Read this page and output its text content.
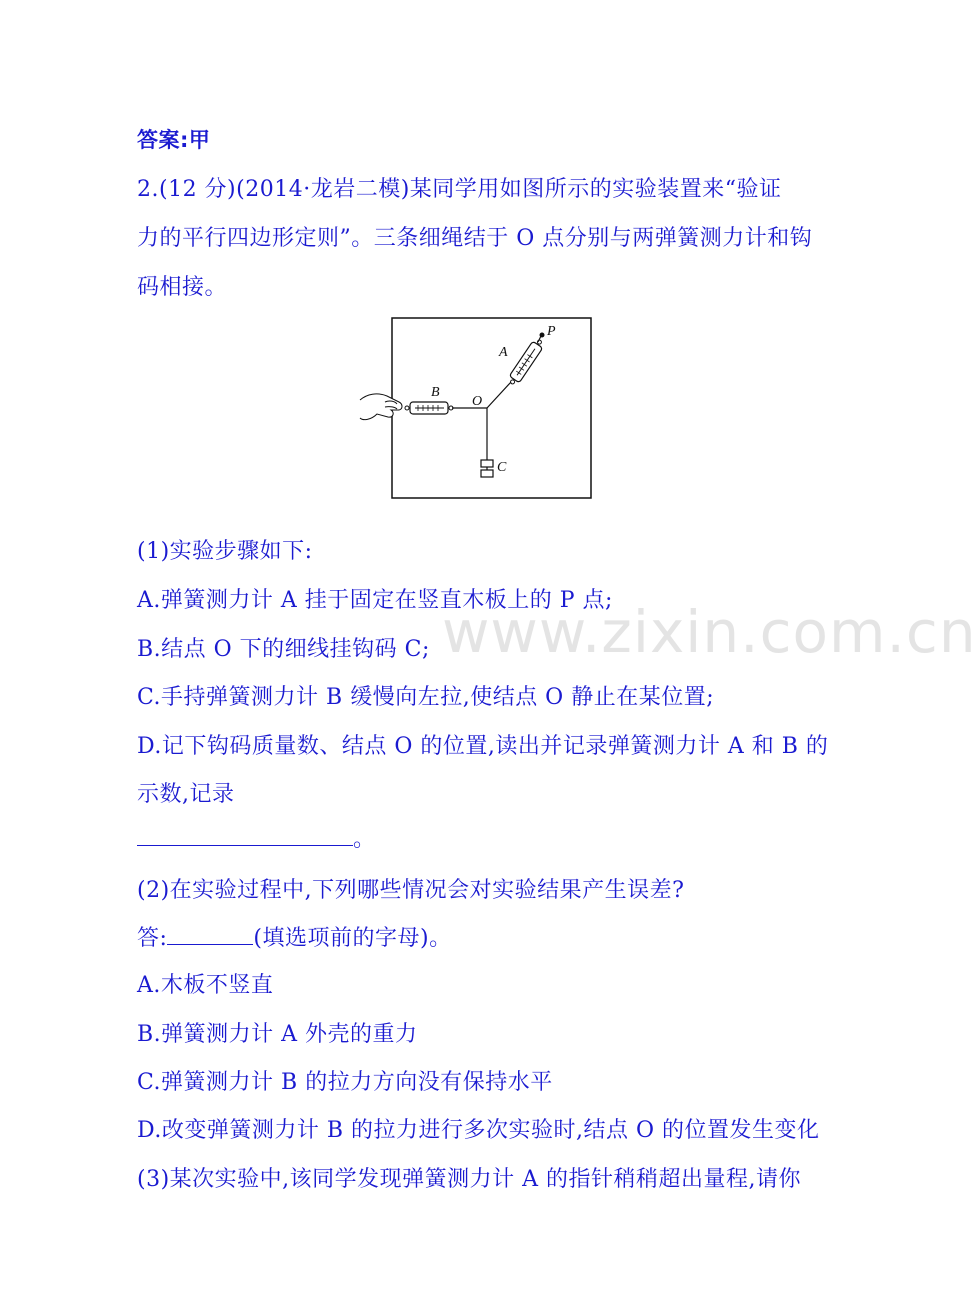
www.zixin.com.cn
答案:甲
2.(12 分)(2014·龙岩二模)某同学用如图所示的实验装置来“验证
力的平行四边形定则”。三条细绳结于 O 点分别与两弹簧测力计和钩
码相接。
P
A
O
B
C
(1)实验步骤如下:
A.弹簧测力计 A 挂于固定在竖直木板上的 P 点;
B.结点 O 下的细线挂钩码 C;
C.手持弹簧测力计 B 缓慢向左拉,使结点 O 静止在某位置;
D.记下钩码质量数、结点 O 的位置,读出并记录弹簧测力计 A 和 B 的
示数,记录
。
(2)在实验过程中,下列哪些情况会对实验结果产生误差?
答:	(填选项前的字母)。
A.木板不竖直
B.弹簧测力计 A 外壳的重力
C.弹簧测力计 B 的拉力方向没有保持水平
D.改变弹簧测力计 B 的拉力进行多次实验时,结点 O 的位置发生变化
(3)某次实验中,该同学发现弹簧测力计 A 的指针稍稍超出量程,请你
